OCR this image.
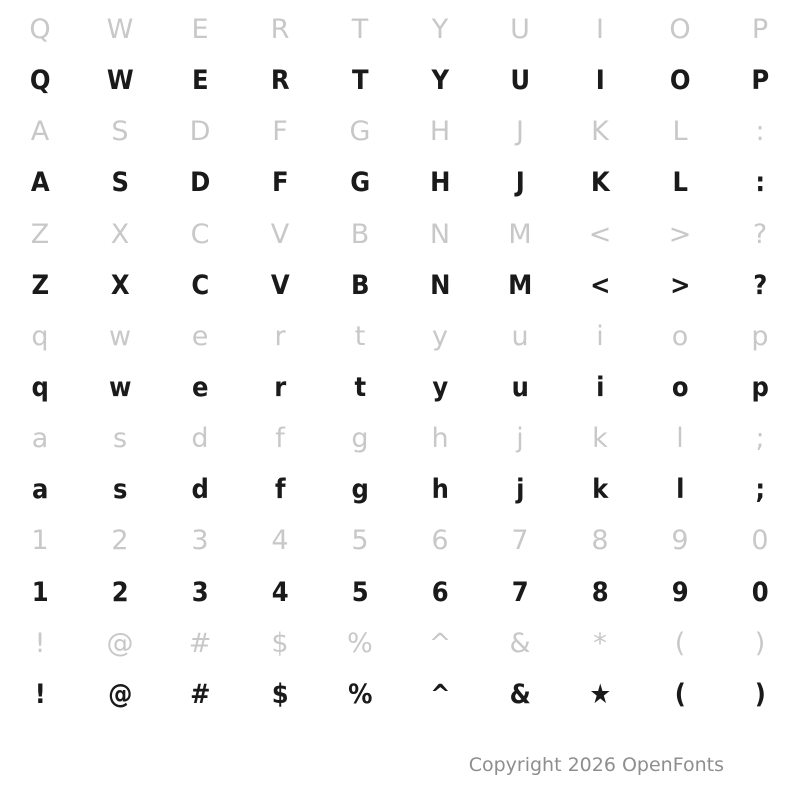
Q	W	E	R	T	Y	U	I	O	P
Q	W	E	R	T	Y	U	I	O	P
A	S	D	F	G	H	J	K	L	:
A	S	D	F	G	H	J	K	L	:
Z	X	C	V	B	N	M	<	>	?
Z	X	C	V	B	N	M	<	>	?
q	w	e	r	t	y	u	i	o	p
q	w	e	r	t	y	u	i	o	p
a	s	d	f	g	h	j	k	l	;
a	s	d	f	g	h	j	k	l	;
1	2	3	4	5	6	7	8	9	0
1	2	3	4	5	6	7	8	9	0
!	@	#	$	%	^	&	*	(	)
!	@	#	$	%	^	&	★	(	)
Copyright 2026 OpenFonts
